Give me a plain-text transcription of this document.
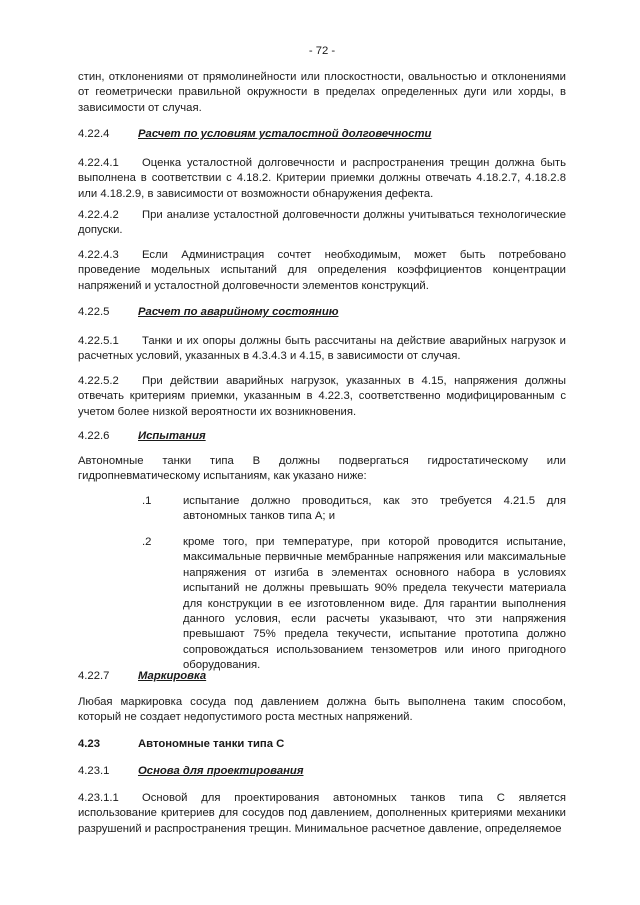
- 72 -

стин, отклонениями от прямолинейности или плоскостности, овальностью и отклонениями от геометрически правильной окружности в пределах определенных дуги или хорды, в зависимости от случая.

4.22.4	Расчет по условиям усталостной долговечности

4.22.4.1 Оценка усталостной долговечности и распространения трещин должна быть выполнена в соответствии с 4.18.2. Критерии приемки должны отвечать 4.18.2.7, 4.18.2.8 или 4.18.2.9, в зависимости от возможности обнаружения дефекта.

4.22.4.2 При анализе усталостной долговечности должны учитываться технологические допуски.

4.22.4.3 Если Администрация сочтет необходимым, может быть потребовано проведение модельных испытаний для определения коэффициентов концентрации напряжений и усталостной долговечности элементов конструкций.

4.22.5	Расчет по аварийному состоянию

4.22.5.1 Танки и их опоры должны быть рассчитаны на действие аварийных нагрузок и расчетных условий, указанных в 4.3.4.3 и 4.15, в зависимости от случая.

4.22.5.2 При действии аварийных нагрузок, указанных в 4.15, напряжения должны отвечать критериям приемки, указанным в 4.22.3, соответственно модифицированным с учетом более низкой вероятности их возникновения.

4.22.6	Испытания

Автономные танки типа B должны подвергаться гидростатическому или гидропневматическому испытаниям, как указано ниже:

.1	испытание должно проводиться, как это требуется 4.21.5 для автономных танков типа A; и

.2	кроме того, при температуре, при которой проводится испытание, максимальные первичные мембранные напряжения или максимальные напряжения от изгиба в элементах основного набора в условиях испытаний не должны превышать 90% предела текучести материала для конструкции в ее изготовленном виде. Для гарантии выполнения данного условия, если расчеты указывают, что эти напряжения превышают 75% предела текучести, испытание прототипа должно сопровождаться использованием тензометров или иного пригодного оборудования.

4.22.7	Маркировка

Любая маркировка сосуда под давлением должна быть выполнена таким способом, который не создает недопустимого роста местных напряжений.

4.23	Автономные танки типа C
4.23.1	Основа для проектирования

4.23.1.1 Основой для проектирования автономных танков типа C является использование критериев для сосудов под давлением, дополненных критериями механики разрушений и распространения трещин. Минимальное расчетное давление, определяемое
